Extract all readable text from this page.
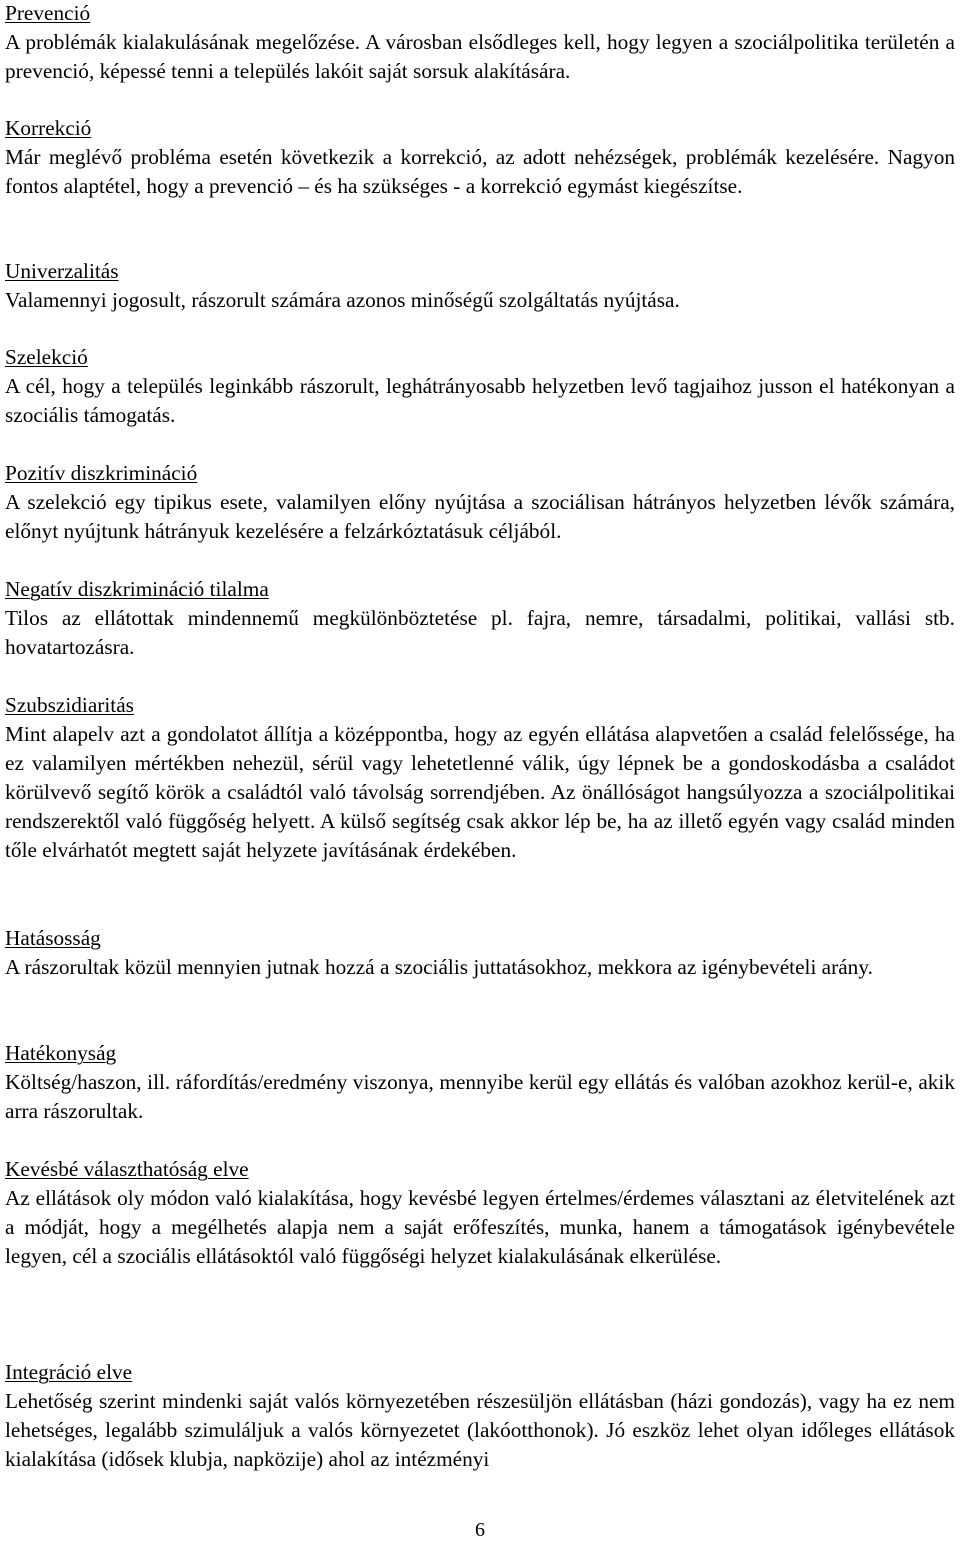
Prevenció
A problémák kialakulásának megelőzése. A városban elsődleges kell, hogy legyen a szociálpolitika területén a prevenció, képessé tenni a település lakóit saját sorsuk alakítására.
Korrekció
Már meglévő probléma esetén következik a korrekció, az adott nehézségek, problémák kezelésére. Nagyon fontos alaptétel, hogy a prevenció – és ha szükséges - a korrekció egymást kiegészítse.
Univerzalitás
Valamennyi jogosult, rászorult számára azonos minőségű szolgáltatás nyújtása.
Szelekció
A cél, hogy a település leginkább rászorult, leghátrányosabb helyzetben levő tagjaihoz jusson el hatékonyan a szociális támogatás.
Pozitív diszkrimináció
A szelekció egy tipikus esete, valamilyen előny nyújtása a szociálisan hátrányos helyzetben lévők számára, előnyt nyújtunk hátrányuk kezelésére a felzárkóztatásuk céljából.
Negatív diszkrimináció tilalma
Tilos az ellátottak mindennemű megkülönböztetése pl. fajra, nemre, társadalmi, politikai, vallási stb. hovatartozásra.
Szubszidiaritás
Mint alapelv azt a gondolatot állítja a középpontba, hogy az egyén ellátása alapvetően a család felelőssége, ha ez valamilyen mértékben nehezül, sérül vagy lehetetlenné válik, úgy lépnek be a gondoskodásba a családot körülvevő segítő körök a családtól való távolság sorrendjében. Az önállóságot hangsúlyozza a szociálpolitikai rendszerektől való függőség helyett. A külső segítség csak akkor lép be, ha az illető egyén vagy család minden tőle elvárhatót megtett saját helyzete javításának érdekében.
Hatásosság
A rászorultak közül mennyien jutnak hozzá a szociális juttatásokhoz, mekkora az igénybevételi arány.
Hatékonyság
Költség/haszon, ill. ráfordítás/eredmény viszonya, mennyibe kerül egy ellátás és valóban azokhoz kerül-e, akik arra rászorultak.
Kevésbé választhatóság elve
Az ellátások oly módon való kialakítása, hogy kevésbé legyen értelmes/érdemes választani az életvitelének azt a módját, hogy a megélhetés alapja nem a saját erőfeszítés, munka, hanem a támogatások igénybevétele legyen, cél a szociális ellátásoktól való függőségi helyzet kialakulásának elkerülése.
Integráció elve
Lehetőség szerint mindenki saját valós környezetében részesüljön ellátásban (házi gondozás), vagy ha ez nem lehetséges, legalább szimuláljuk a valós környezetet (lakóotthonok). Jó eszköz lehet olyan időleges ellátások kialakítása (idősek klubja, napközije) ahol az intézményi
6
